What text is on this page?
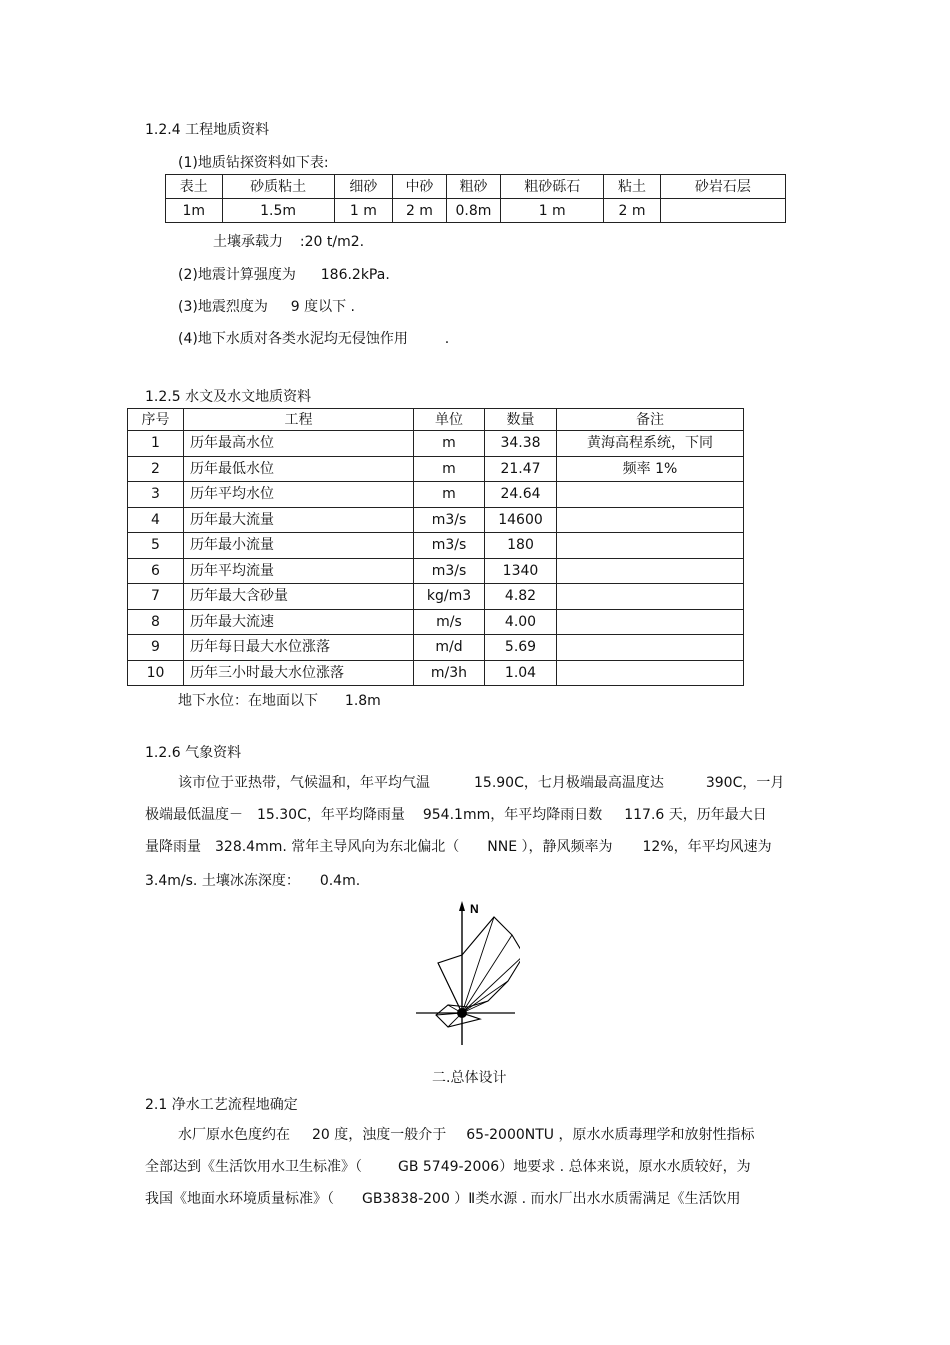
1.2.4 工程地质资料
(1)地质钻探资料如下表:
表土	砂质粘土	细砂	中砂	粗砂	粗砂砾石	粘土	砂岩石层
1m	1.5m	1 m	2 m	0.8m	1 m	2 m	
土壤承载力 :20 t/m2.
(2)地震计算强度为 186.2kPa.
(3)地震烈度为 9 度以下 .
(4)地下水质对各类水泥均无侵蚀作用	.
1.2.5 水文及水文地质资料
序号	工程	单位	数量	备注
1	历年最高水位	m	34.38	黄海高程系统，下同
2	历年最低水位	m	21.47	频率 1%
3	历年平均水位	m	24.64	
4	历年最大流量	m3/s	14600	
5	历年最小流量	m3/s	180	
6	历年平均流量	m3/s	1340	
7	历年最大含砂量	kg/m3	4.82	
8	历年最大流速	m/s	4.00	
9	历年每日最大水位涨落	m/d	5.69	
10	历年三小时最大水位涨落	m/3h	1.04	
地下水位：在地面以下 1.8m
1.2.6 气象资料
该市位于亚热带，气候温和，年平均气温	15.90C，七月极端最高温度达	390C，一月
极端最低温度－ 15.30C，年平均降雨量 954.1mm，年平均降雨日数 117.6 天，历年最大日
量降雨量 328.4mm. 常年主导风向为东北偏北（ NNE ），静风频率为 12%，年平均风速为
3.4m/s. 土壤冰冻深度： 0.4m.
N
二.总体设计
2.1 净水工艺流程地确定
水厂原水色度约在 20 度，浊度一般介于 65-2000NTU ，原水水质毒理学和放射性指标
全部达到《生活饮用水卫生标准》（	GB 5749-2006）地要求 . 总体来说，原水水质较好，为
我国《地面水环境质量标准》（ GB3838-200 ）Ⅱ类水源 . 而水厂出水水质需满足《生活饮用
